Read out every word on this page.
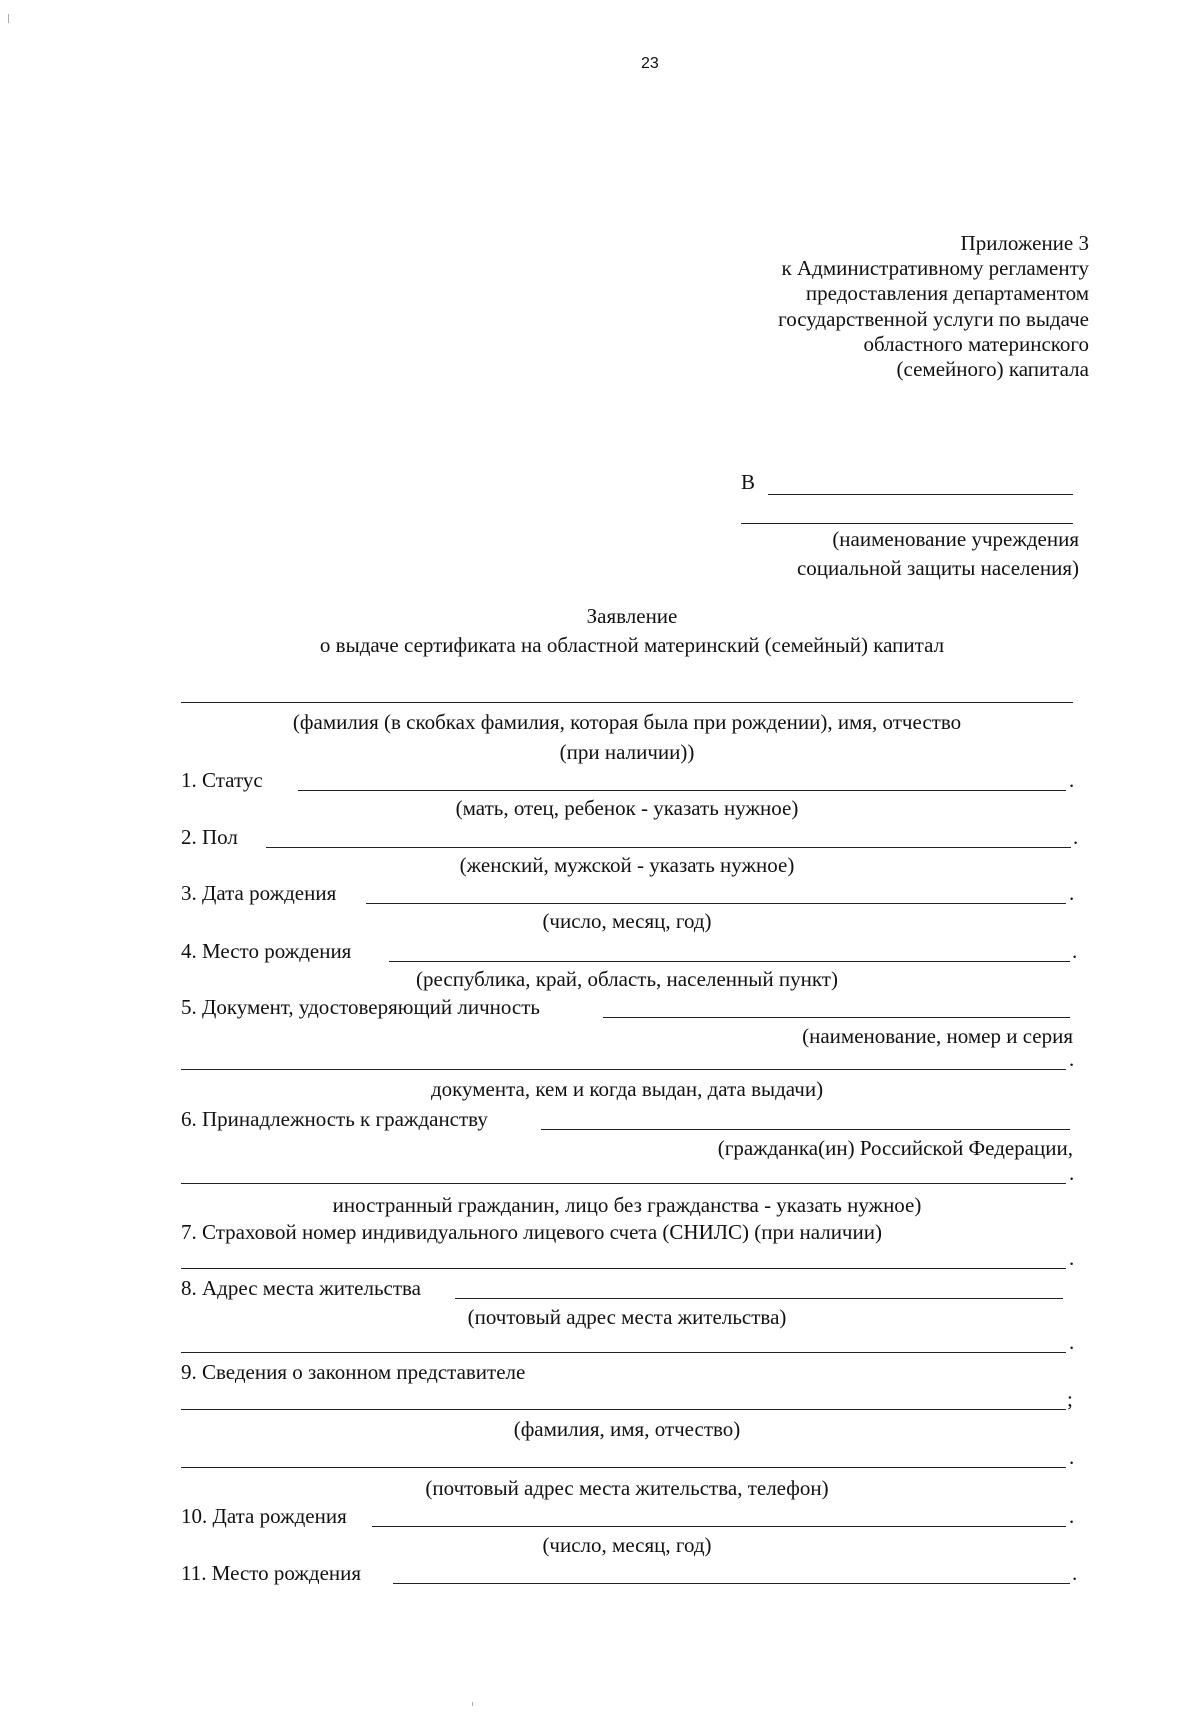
23
Приложение 3
к Административному регламенту
предоставления департаментом
государственной услуги по выдаче
областного материнского
(семейного) капитала
В
(наименование учреждения
социальной защиты населения)
Заявление
о выдаче сертификата на областной материнский (семейный) капитал
(фамилия (в скобках фамилия, которая была при рождении), имя, отчество
(при наличии))
1. Статус	.
(мать, отец, ребенок - указать нужное)
2. Пол	.
(женский, мужской - указать нужное)
3. Дата рождения	.
(число, месяц, год)
4. Место рождения	.
(республика, край, область, населенный пункт)
5. Документ, удостоверяющий личность
(наименование, номер и серия
.
документа, кем и когда выдан, дата выдачи)
6. Принадлежность к гражданству
(гражданка(ин) Российской Федерации,
.
иностранный гражданин, лицо без гражданства - указать нужное)
7. Страховой номер индивидуального лицевого счета (СНИЛС) (при наличии)
.
8. Адрес места жительства
(почтовый адрес места жительства)
.
9. Сведения о законном представителе
;
(фамилия, имя, отчество)
.
(почтовый адрес места жительства, телефон)
10. Дата рождения	.
(число, месяц, год)
11. Место рождения	.
